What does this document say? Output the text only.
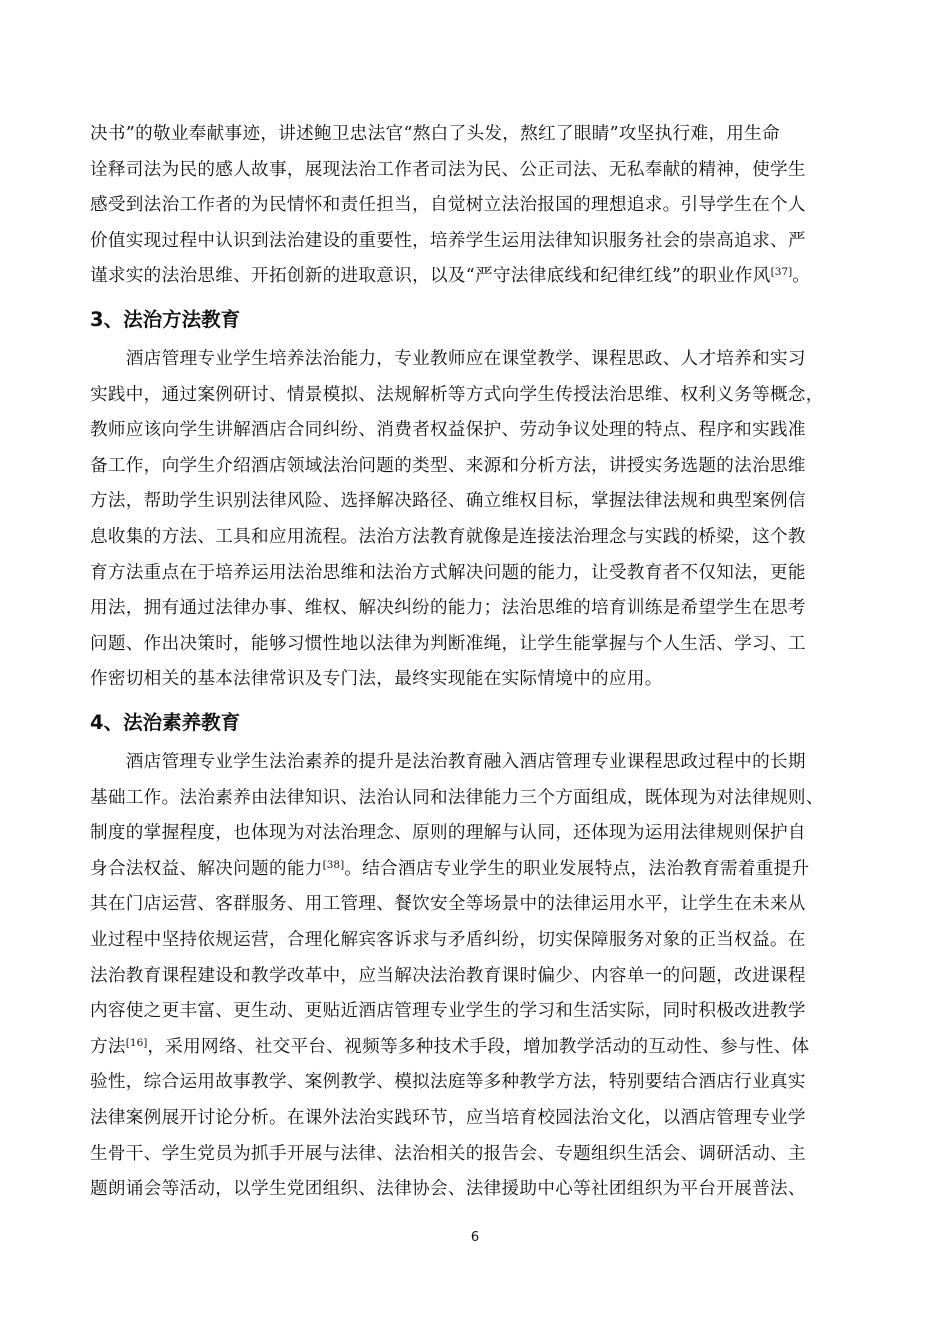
决书”的敬业奉献事迹，讲述鲍卫忠法官“熬白了头发，熬红了眼睛”攻坚执行难，用生命
诠释司法为民的感人故事，展现法治工作者司法为民、公正司法、无私奉献的精神，使学生
感受到法治工作者的为民情怀和责任担当，自觉树立法治报国的理想追求。引导学生在个人
价值实现过程中认识到法治建设的重要性，培养学生运用法律知识服务社会的崇高追求、严
谨求实的法治思维、开拓创新的进取意识，以及“严守法律底线和纪律红线”的职业作风[37]。

3、法治方法教育

　　酒店管理专业学生培养法治能力，专业教师应在课堂教学、课程思政、人才培养和实习
实践中，通过案例研讨、情景模拟、法规解析等方式向学生传授法治思维、权利义务等概念，
教师应该向学生讲解酒店合同纠纷、消费者权益保护、劳动争议处理的特点、程序和实践准
备工作，向学生介绍酒店领域法治问题的类型、来源和分析方法，讲授实务选题的法治思维
方法，帮助学生识别法律风险、选择解决路径、确立维权目标，掌握法律法规和典型案例信
息收集的方法、工具和应用流程。法治方法教育就像是连接法治理念与实践的桥梁，这个教
育方法重点在于培养运用法治思维和法治方式解决问题的能力，让受教育者不仅知法，更能
用法，拥有通过法律办事、维权、解决纠纷的能力；法治思维的培育训练是希望学生在思考
问题、作出决策时，能够习惯性地以法律为判断准绳，让学生能掌握与个人生活、学习、工
作密切相关的基本法律常识及专门法，最终实现能在实际情境中的应用。

4、法治素养教育

　　酒店管理专业学生法治素养的提升是法治教育融入酒店管理专业课程思政过程中的长期
基础工作。法治素养由法律知识、法治认同和法律能力三个方面组成，既体现为对法律规则、
制度的掌握程度，也体现为对法治理念、原则的理解与认同，还体现为运用法律规则保护自
身合法权益、解决问题的能力[38]。结合酒店专业学生的职业发展特点，法治教育需着重提升
其在门店运营、客群服务、用工管理、餐饮安全等场景中的法律运用水平，让学生在未来从
业过程中坚持依规运营，合理化解宾客诉求与矛盾纠纷，切实保障服务对象的正当权益。在
法治教育课程建设和教学改革中，应当解决法治教育课时偏少、内容单一的问题，改进课程
内容使之更丰富、更生动、更贴近酒店管理专业学生的学习和生活实际，同时积极改进教学
方法[16]，采用网络、社交平台、视频等多种技术手段，增加教学活动的互动性、参与性、体
验性，综合运用故事教学、案例教学、模拟法庭等多种教学方法，特别要结合酒店行业真实
法律案例展开讨论分析。在课外法治实践环节，应当培育校园法治文化，以酒店管理专业学
生骨干、学生党员为抓手开展与法律、法治相关的报告会、专题组织生活会、调研活动、主
题朗诵会等活动，以学生党团组织、法律协会、法律援助中心等社团组织为平台开展普法、

6
